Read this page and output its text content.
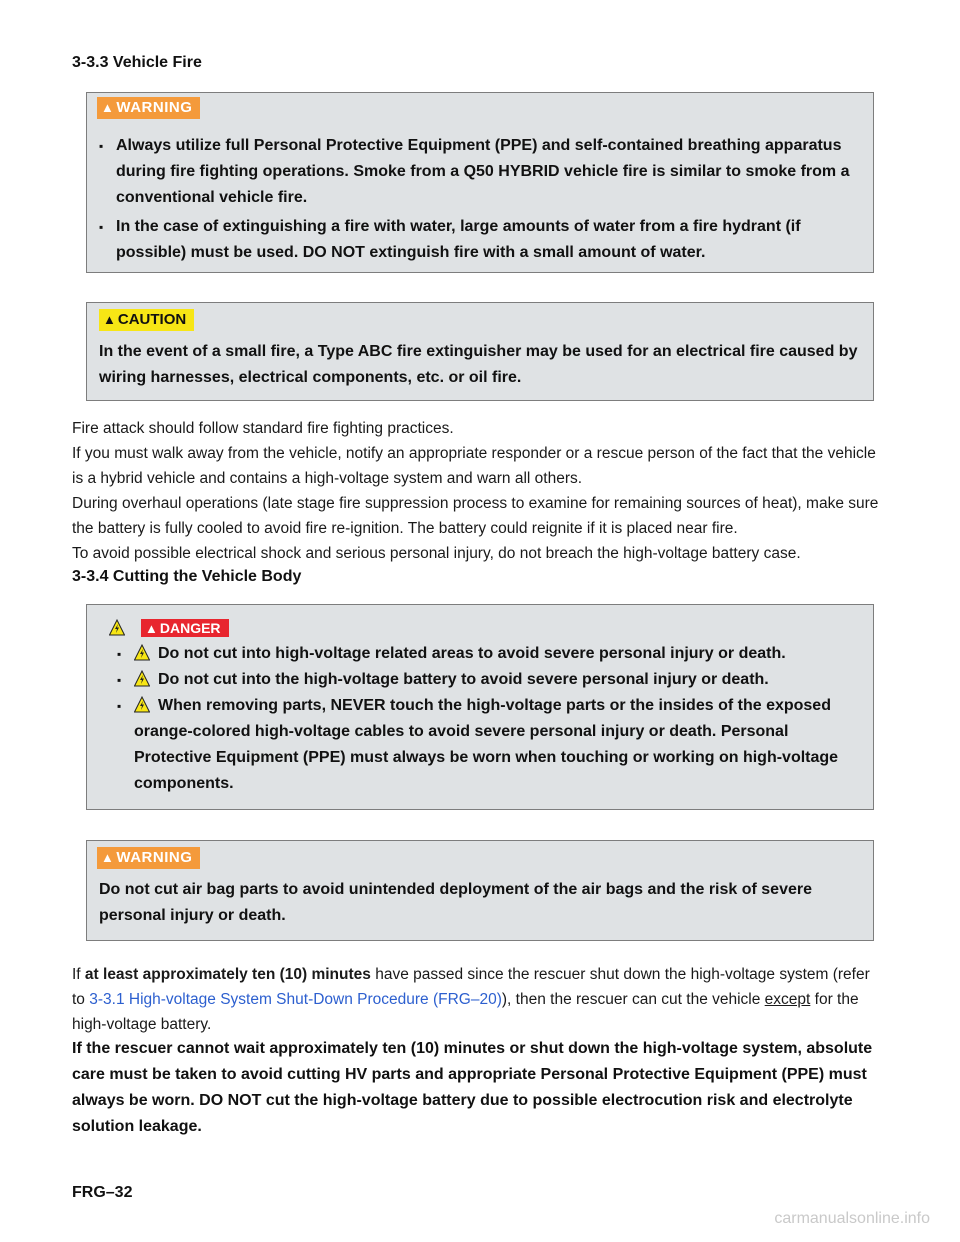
3-3.3 Vehicle Fire
▲ WARNING
▪ Always utilize full Personal Protective Equipment (PPE) and self-contained breathing apparatus during fire fighting operations. Smoke from a Q50 HYBRID vehicle fire is similar to smoke from a conventional vehicle fire.
▪ In the case of extinguishing a fire with water, large amounts of water from a fire hydrant (if possible) must be used. DO NOT extinguish fire with a small amount of water.
▲ CAUTION
In the event of a small fire, a Type ABC fire extinguisher may be used for an electrical fire caused by wiring harnesses, electrical components, etc. or oil fire.
Fire attack should follow standard fire fighting practices.
If you must walk away from the vehicle, notify an appropriate responder or a rescue person of the fact that the vehicle is a hybrid vehicle and contains a high-voltage system and warn all others.
During overhaul operations (late stage fire suppression process to examine for remaining sources of heat), make sure the battery is fully cooled to avoid fire re-ignition. The battery could reignite if it is placed near fire.
To avoid possible electrical shock and serious personal injury, do not breach the high-voltage battery case.
3-3.4 Cutting the Vehicle Body
▲ DANGER
▪ Do not cut into high-voltage related areas to avoid severe personal injury or death.
▪ Do not cut into the high-voltage battery to avoid severe personal injury or death.
▪ When removing parts, NEVER touch the high-voltage parts or the insides of the exposed orange-colored high-voltage cables to avoid severe personal injury or death. Personal Protective Equipment (PPE) must always be worn when touching or working on high-voltage components.
▲ WARNING
Do not cut air bag parts to avoid unintended deployment of the air bags and the risk of severe personal injury or death.
If at least approximately ten (10) minutes have passed since the rescuer shut down the high-voltage system (refer to 3-3.1 High-voltage System Shut-Down Procedure (FRG–20)), then the rescuer can cut the vehicle except for the high-voltage battery.
If the rescuer cannot wait approximately ten (10) minutes or shut down the high-voltage system, absolute care must be taken to avoid cutting HV parts and appropriate Personal Protective Equipment (PPE) must always be worn. DO NOT cut the high-voltage battery due to possible electrocution risk and electrolyte solution leakage.
FRG–32
carmanualsonline.info
